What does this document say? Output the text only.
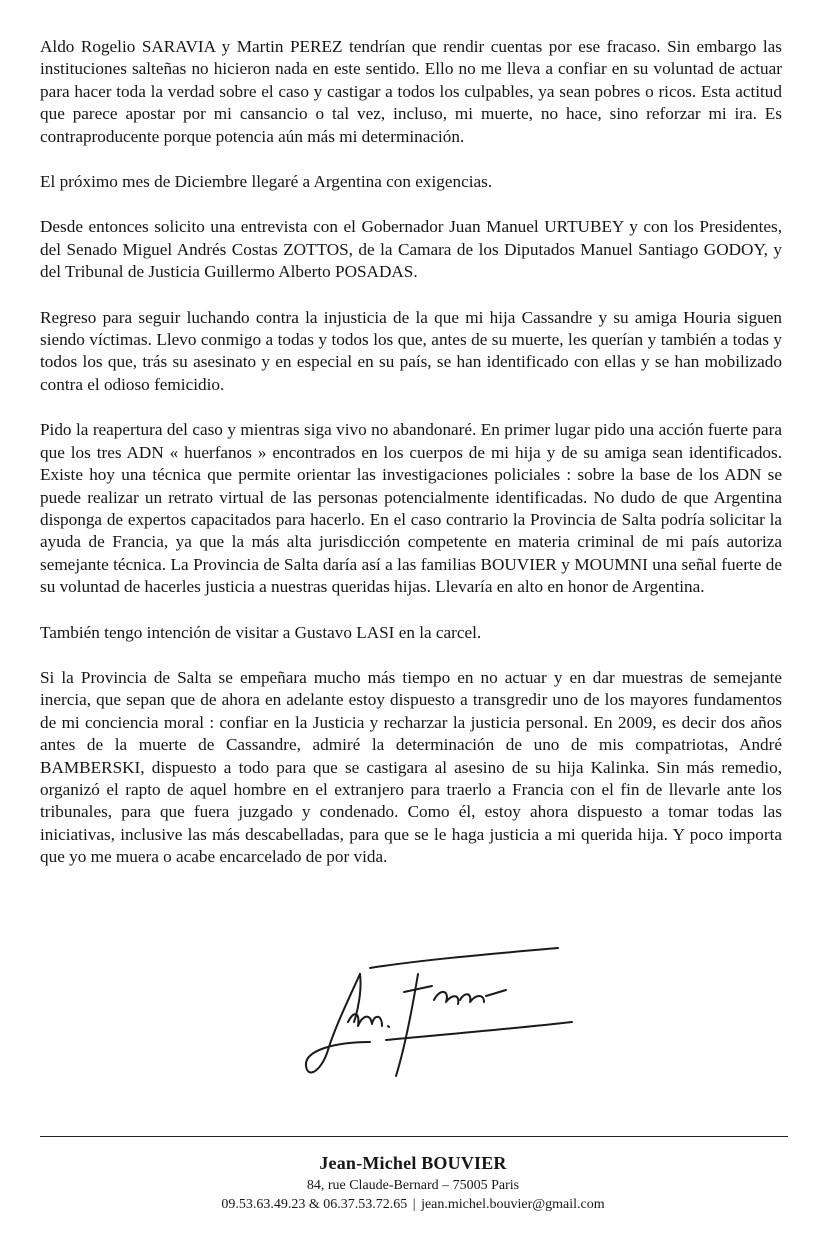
Aldo Rogelio SARAVIA y Martin PEREZ tendrían que rendir cuentas por ese fracaso. Sin embargo las instituciones salteñas no hicieron nada en este sentido. Ello no me lleva a confiar en su voluntad de actuar para hacer toda la verdad sobre el caso y castigar a todos los culpables, ya sean pobres o ricos. Esta actitud que parece apostar por mi cansancio o tal vez, incluso, mi muerte, no hace, sino reforzar mi ira. Es contraproducente porque potencia aún más mi determinación.

El próximo mes de Diciembre llegaré a Argentina con exigencias.

Desde entonces solicito una entrevista con el Gobernador Juan Manuel URTUBEY y con los Presidentes, del Senado Miguel Andrés Costas ZOTTOS, de la Camara de los Diputados Manuel Santiago GODOY, y del Tribunal de Justicia Guillermo Alberto POSADAS.

Regreso para seguir luchando contra la injusticia de la que mi hija Cassandre y su amiga Houria siguen siendo víctimas. Llevo conmigo a todas y todos los que, antes de su muerte, les querían y también a todas y todos los que, trás su asesinato y en especial en su país, se han identificado con ellas y se han mobilizado contra el odioso femicidio.

Pido la reapertura del caso y mientras siga vivo no abandonaré. En primer lugar pido una acción fuerte para que los tres ADN « huerfanos » encontrados en los cuerpos de mi hija y de su amiga sean identificados. Existe hoy una técnica que permite orientar las investigaciones policiales : sobre la base de los ADN se puede realizar un retrato virtual de las personas potencialmente identificadas. No dudo de que Argentina disponga de expertos capacitados para hacerlo. En el caso contrario la Provincia de Salta podría solicitar la ayuda de Francia, ya que la más alta jurisdicción competente en materia criminal de mi país autoriza semejante técnica. La Provincia de Salta daría así a las familias BOUVIER y MOUMNI una señal fuerte de su voluntad de hacerles justicia a nuestras queridas hijas. Llevaría en alto en honor de Argentina.

También tengo intención de visitar a Gustavo LASI en la carcel.

Si la Provincia de Salta se empeñara mucho más tiempo en no actuar y en dar muestras de semejante inercia, que sepan que de ahora en adelante estoy dispuesto a transgredir uno de los mayores fundamentos de mi conciencia moral : confiar en la Justicia y recharzar la justicia personal. En 2009, es decir dos años antes de la muerte de Cassandre, admiré la determinación de uno de mis compatriotas, André BAMBERSKI, dispuesto a todo para que se castigara al asesino de su hija Kalinka. Sin más remedio, organizó el rapto de aquel hombre en el extranjero para traerlo a Francia con el fin de llevarle ante los tribunales, para que fuera juzgado y condenado. Como él, estoy ahora dispuesto a tomar todas las iniciativas, inclusive las más descabelladas, para que se le haga justicia a mi querida hija. Y poco importa que yo me muera o acabe encarcelado de por vida.

Jean-Michel BOUVIER
84, rue Claude-Bernard – 75005 Paris
09.53.63.49.23 & 06.37.53.72.65 | jean.michel.bouvier@gmail.com
